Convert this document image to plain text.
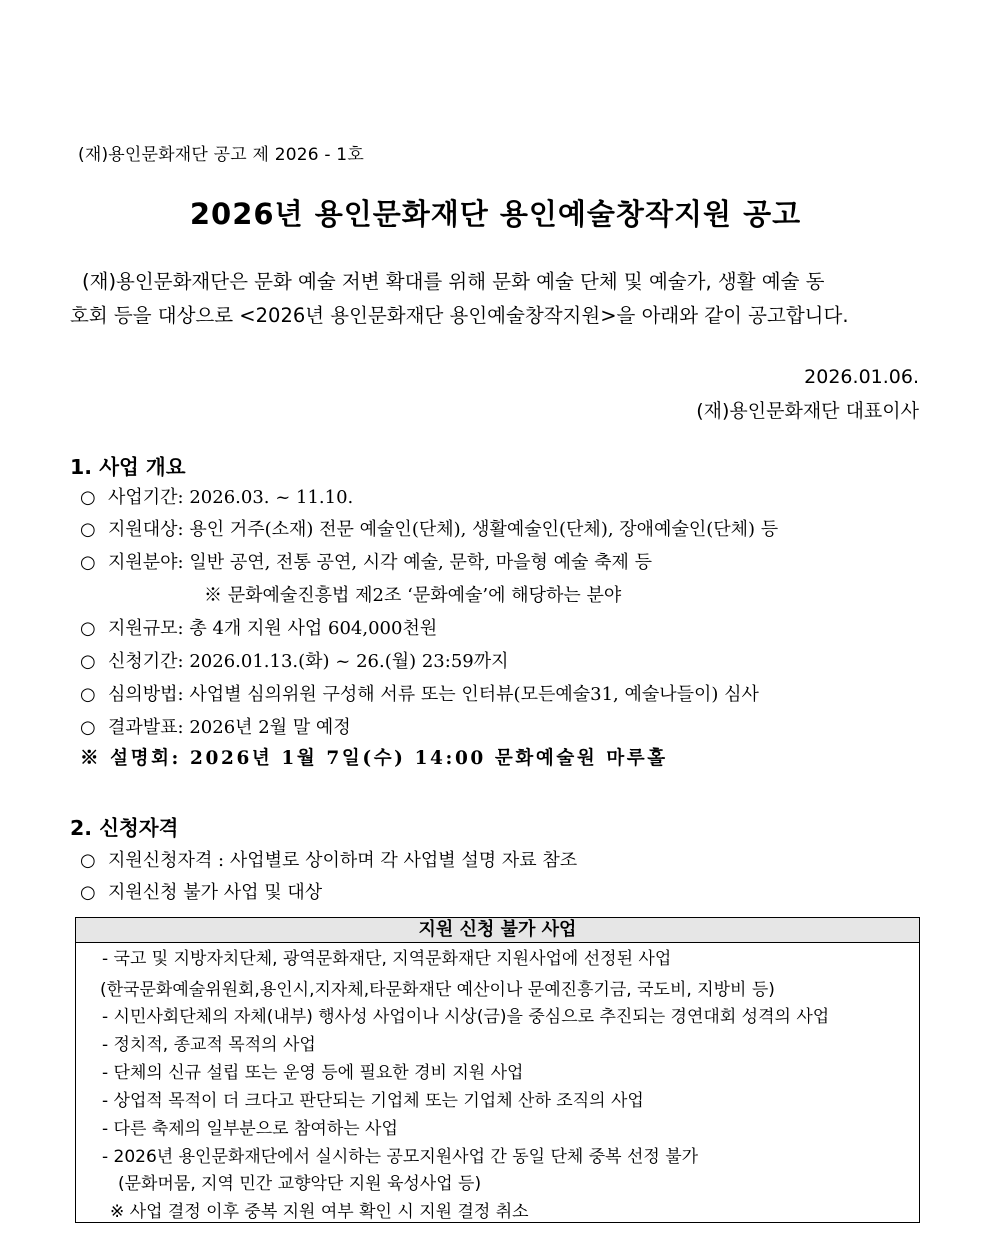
(재)용인문화재단 공고 제 2026 - 1호
2026년 용인문화재단 용인예술창작지원 공고
(재)용인문화재단은 문화 예술 저변 확대를 위해 문화 예술 단체 및 예술가, 생활 예술 동
호회 등을 대상으로 <2026년 용인문화재단 용인예술창작지원>을 아래와 같이 공고합니다.
2026.01.06.
(재)용인문화재단 대표이사
1. 사업 개요
○ 사업기간: 2026.03. ~ 11.10.
○ 지원대상: 용인 거주(소재) 전문 예술인(단체), 생활예술인(단체), 장애예술인(단체) 등
○ 지원분야: 일반 공연, 전통 공연, 시각 예술, 문학, 마을형 예술 축제 등
※ 문화예술진흥법 제2조 ‘문화예술’에 해당하는 분야
○ 지원규모: 총 4개 지원 사업 604,000천원
○ 신청기간: 2026.01.13.(화) ~ 26.(월) 23:59까지
○ 심의방법: 사업별 심의위원 구성해 서류 또는 인터뷰(모든예술31, 예술나들이) 심사
○ 결과발표: 2026년 2월 말 예정
※ 설명회: 2026년 1월 7일(수) 14:00 문화예술원 마루홀
2. 신청자격
○ 지원신청자격 : 사업별로 상이하며 각 사업별 설명 자료 참조
○ 지원신청 불가 사업 및 대상
지원 신청 불가 사업
- 국고 및 지방자치단체, 광역문화재단, 지역문화재단 지원사업에 선정된 사업
(한국문화예술위원회,용인시,지자체,타문화재단 예산이나 문예진흥기금, 국도비, 지방비 등)
- 시민사회단체의 자체(내부) 행사성 사업이나 시상(금)을 중심으로 추진되는 경연대회 성격의 사업
- 정치적, 종교적 목적의 사업
- 단체의 신규 설립 또는 운영 등에 필요한 경비 지원 사업
- 상업적 목적이 더 크다고 판단되는 기업체 또는 기업체 산하 조직의 사업
- 다른 축제의 일부분으로 참여하는 사업
- 2026년 용인문화재단에서 실시하는 공모지원사업 간 동일 단체 중복 선정 불가
(문화머뭄, 지역 민간 교향악단 지원 육성사업 등)
※ 사업 결정 이후 중복 지원 여부 확인 시 지원 결정 취소
